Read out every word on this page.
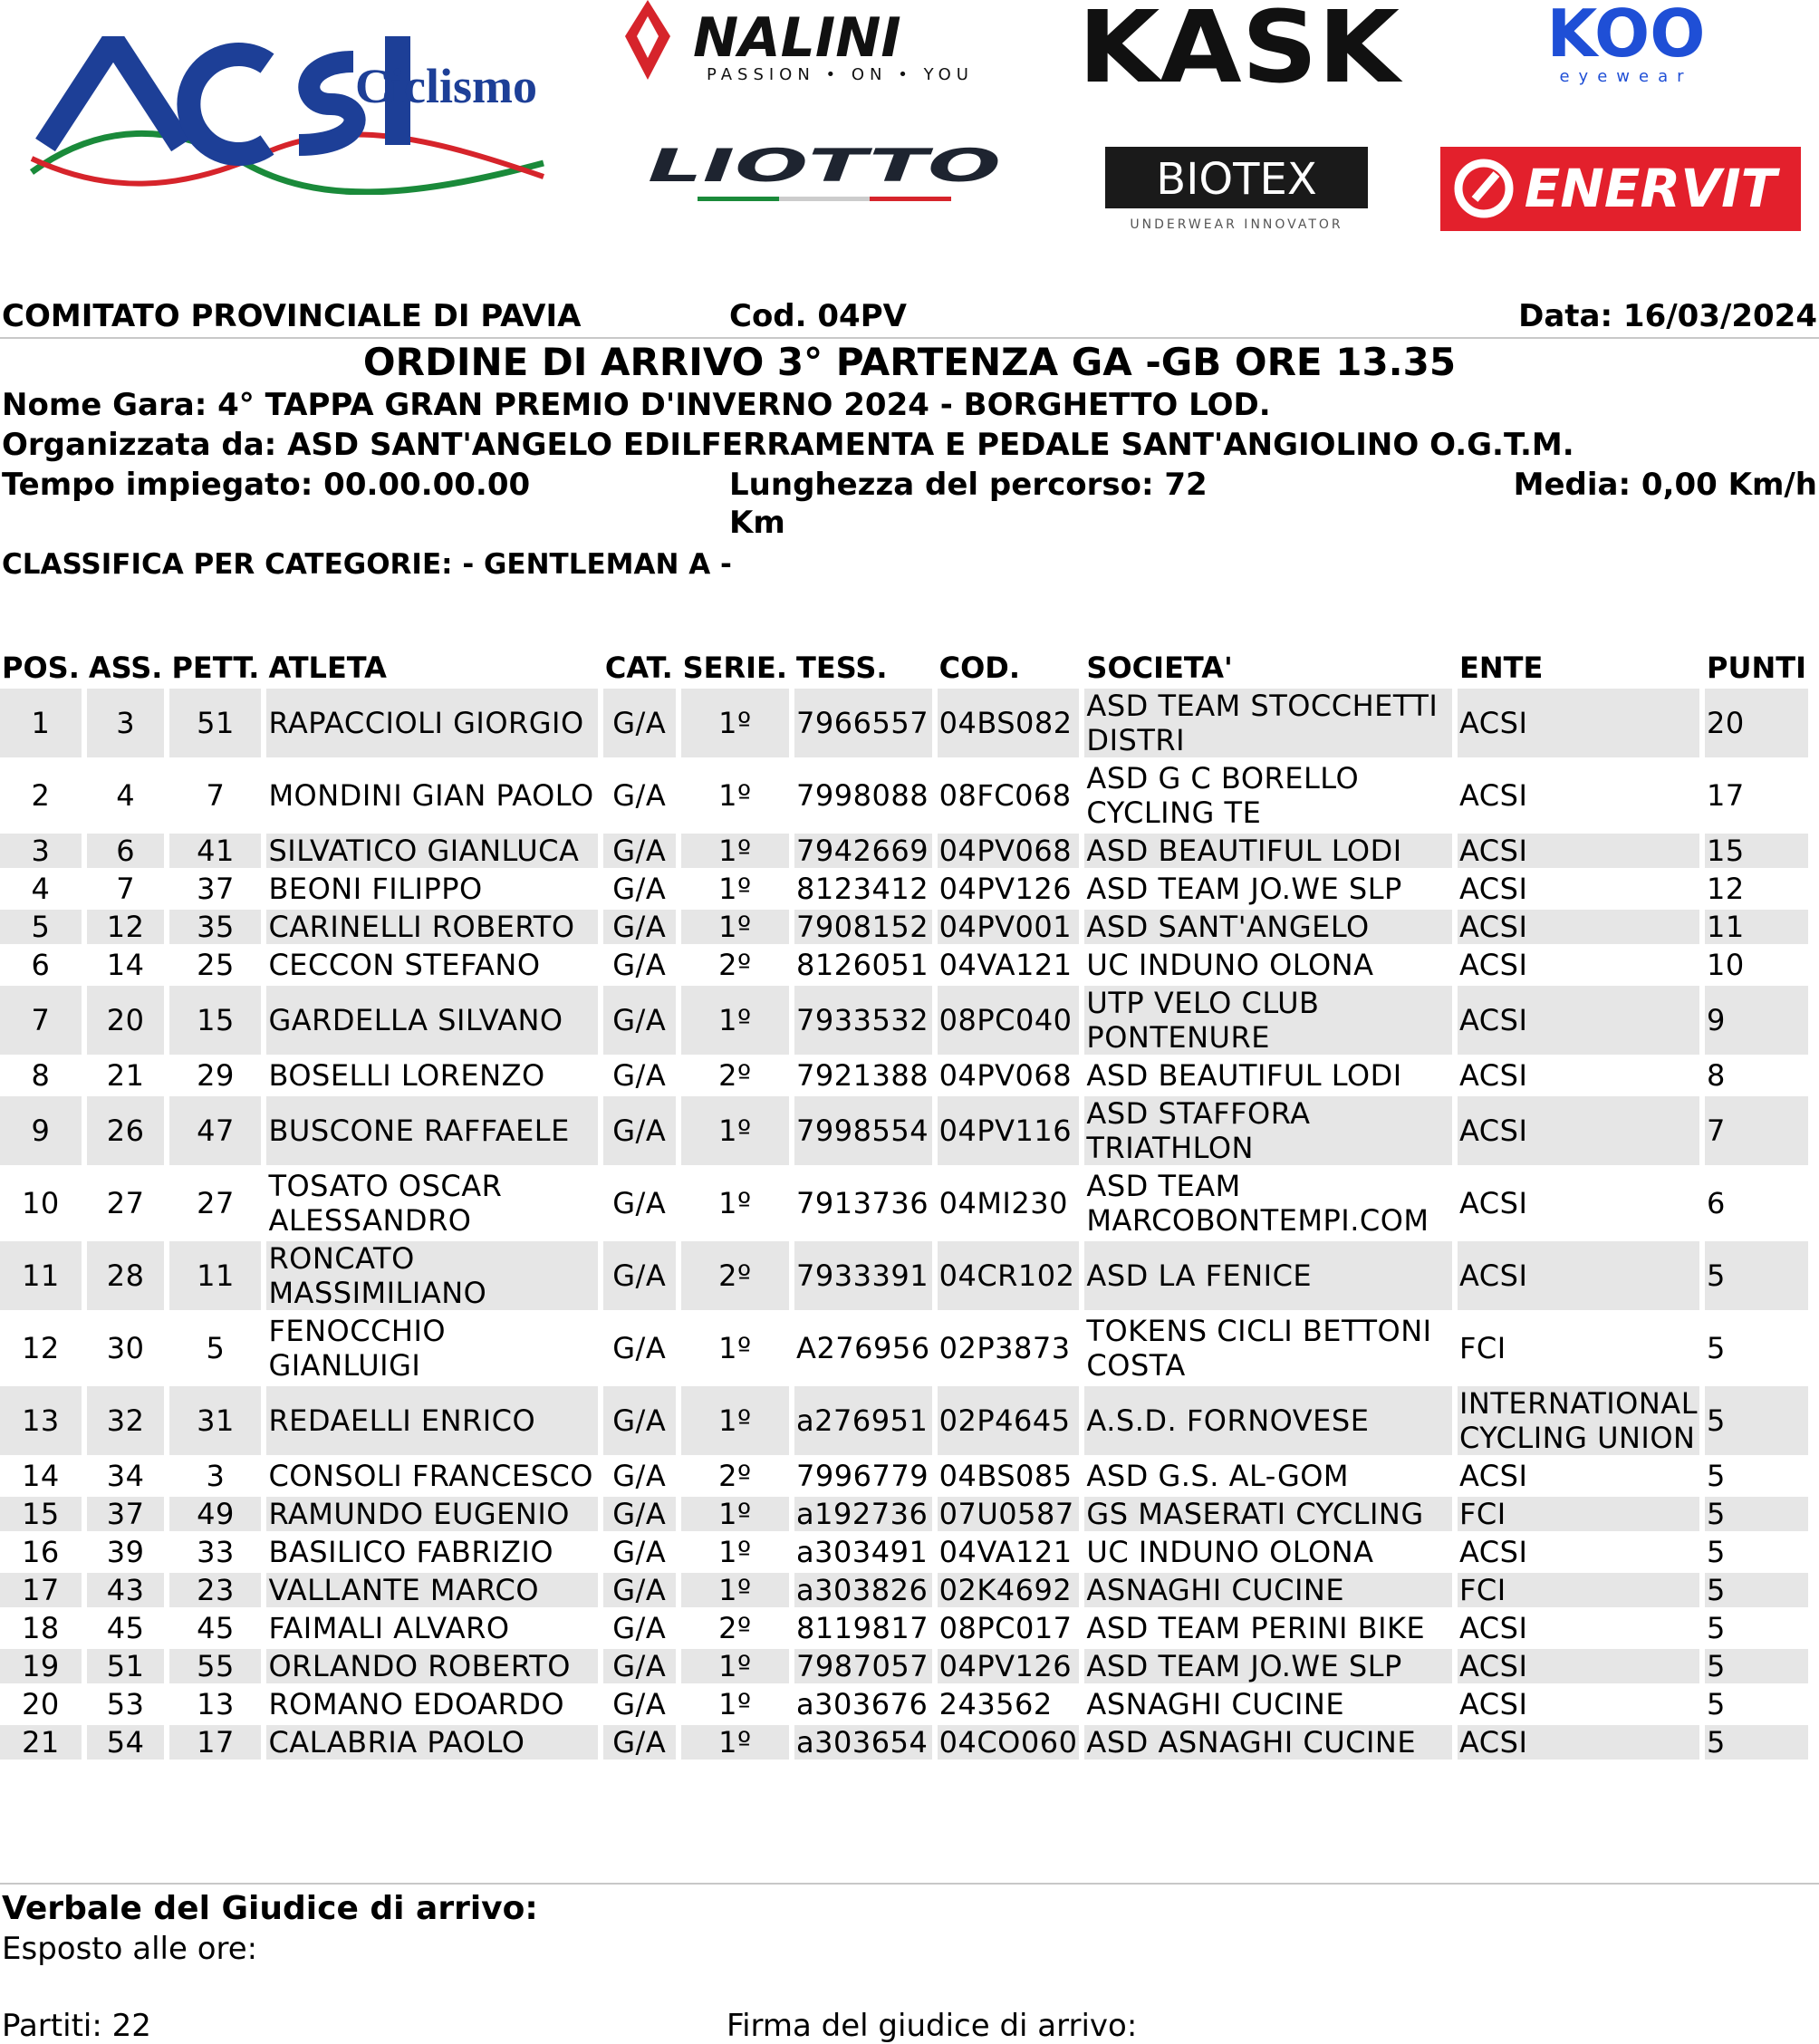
Ciclismo
NALINI
PASSION • ON • YOU KASK KOO
eyewear
LIOTTO	BIOTEX
UNDERWEAR INNOVATOR
ENERVIT
COMITATO PROVINCIALE DI PAVIA	Cod. 04PV	Data: 16/03/2024
ORDINE DI ARRIVO 3° PARTENZA GA -GB ORE 13.35
Nome Gara: 4° TAPPA GRAN PREMIO D'INVERNO 2024 - BORGHETTO LOD.
Organizzata da: ASD SANT'ANGELO EDILFERRAMENTA E PEDALE SANT'ANGIOLINO O.G.T.M.
Tempo impiegato: 00.00.00.00	Lunghezza del percorso: 72 Km
Media: 0,00 Km/h
CLASSIFICA PER CATEGORIE: - GENTLEMAN A -
POS.	ASS.	PETT.	ATLETA	CAT.	SERIE.	TESS.	COD.	SOCIETA'	ENTE	PUNTI
1	3	51	RAPACCIOLI GIORGIO	G/A	1º	7966557	04BS082	ASD TEAM STOCCHETTI DISTRI	ACSI	20
2	4	7	MONDINI GIAN PAOLO	G/A	1º	7998088	08FC068	ASD G C BORELLO CYCLING TE	ACSI	17
3	6	41	SILVATICO GIANLUCA	G/A	1º	7942669	04PV068	ASD BEAUTIFUL LODI	ACSI	15
4	7	37	BEONI FILIPPO	G/A	1º	8123412	04PV126	ASD TEAM JO.WE SLP	ACSI	12
5	12	35	CARINELLI ROBERTO	G/A	1º	7908152	04PV001	ASD SANT'ANGELO	ACSI	11
6	14	25	CECCON STEFANO	G/A	2º	8126051	04VA121	UC INDUNO OLONA	ACSI	10
7	20	15	GARDELLA SILVANO	G/A	1º	7933532	08PC040	UTP VELO CLUB PONTENURE	ACSI	9
8	21	29	BOSELLI LORENZO	G/A	2º	7921388	04PV068	ASD BEAUTIFUL LODI	ACSI	8
9	26	47	BUSCONE RAFFAELE	G/A	1º	7998554	04PV116	ASD STAFFORA TRIATHLON	ACSI	7
10	27	27	TOSATO OSCAR ALESSANDRO	G/A	1º	7913736	04MI230	ASD TEAM MARCOBONTEMPI.COM	ACSI	6
11	28	11	RONCATO MASSIMILIANO	G/A	2º	7933391	04CR102	ASD LA FENICE	ACSI	5
12	30	5	FENOCCHIO GIANLUIGI	G/A	1º	A276956	02P3873	TOKENS CICLI BETTONI COSTA	FCI	5
13	32	31	REDAELLI ENRICO	G/A	1º	a276951	02P4645	A.S.D. FORNOVESE	INTERNATIONAL CYCLING UNION	5
14	34	3	CONSOLI FRANCESCO	G/A	2º	7996779	04BS085	ASD G.S. AL-GOM	ACSI	5
15	37	49	RAMUNDO EUGENIO	G/A	1º	a192736	07U0587	GS MASERATI CYCLING	FCI	5
16	39	33	BASILICO FABRIZIO	G/A	1º	a303491	04VA121	UC INDUNO OLONA	ACSI	5
17	43	23	VALLANTE MARCO	G/A	1º	a303826	02K4692	ASNAGHI CUCINE	FCI	5
18	45	45	FAIMALI ALVARO	G/A	2º	8119817	08PC017	ASD TEAM PERINI BIKE	ACSI	5
19	51	55	ORLANDO ROBERTO	G/A	1º	7987057	04PV126	ASD TEAM JO.WE SLP	ACSI	5
20	53	13	ROMANO EDOARDO	G/A	1º	a303676	243562	ASNAGHI CUCINE	ACSI	5
21	54	17	CALABRIA PAOLO	G/A	1º	a303654	04CO060	ASD ASNAGHI CUCINE	ACSI	5
Verbale del Giudice di arrivo:
Esposto alle ore:
Partiti: 22	Firma del giudice di arrivo:
